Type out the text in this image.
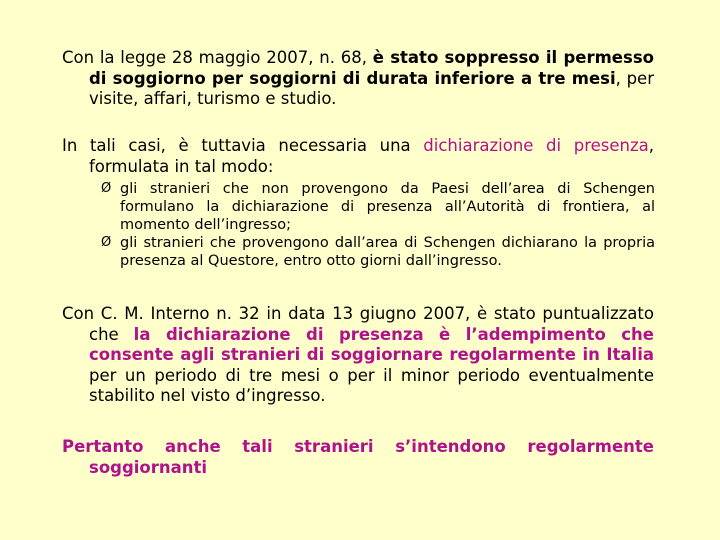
Con la legge 28 maggio 2007, n. 68, è stato soppresso il permesso di soggiorno per soggiorni di durata inferiore a tre mesi, per visite, affari, turismo e studio.
In tali casi, è tuttavia necessaria una dichiarazione di presenza, formulata in tal modo:
Ø gli stranieri che non provengono da Paesi dell’area di Schengen formulano la dichiarazione di presenza all’Autorità di frontiera, al momento dell’ingresso;
Ø gli stranieri che provengono dall’area di Schengen dichiarano la propria presenza al Questore, entro otto giorni dall’ingresso.
Con C. M. Interno n. 32 in data 13 giugno 2007, è stato puntualizzato che la dichiarazione di presenza è l’adempimento che consente agli stranieri di soggiornare regolarmente in Italia per un periodo di tre mesi o per il minor periodo eventualmente stabilito nel visto d’ingresso.
Pertanto anche tali stranieri s’intendono regolarmente soggiornanti
